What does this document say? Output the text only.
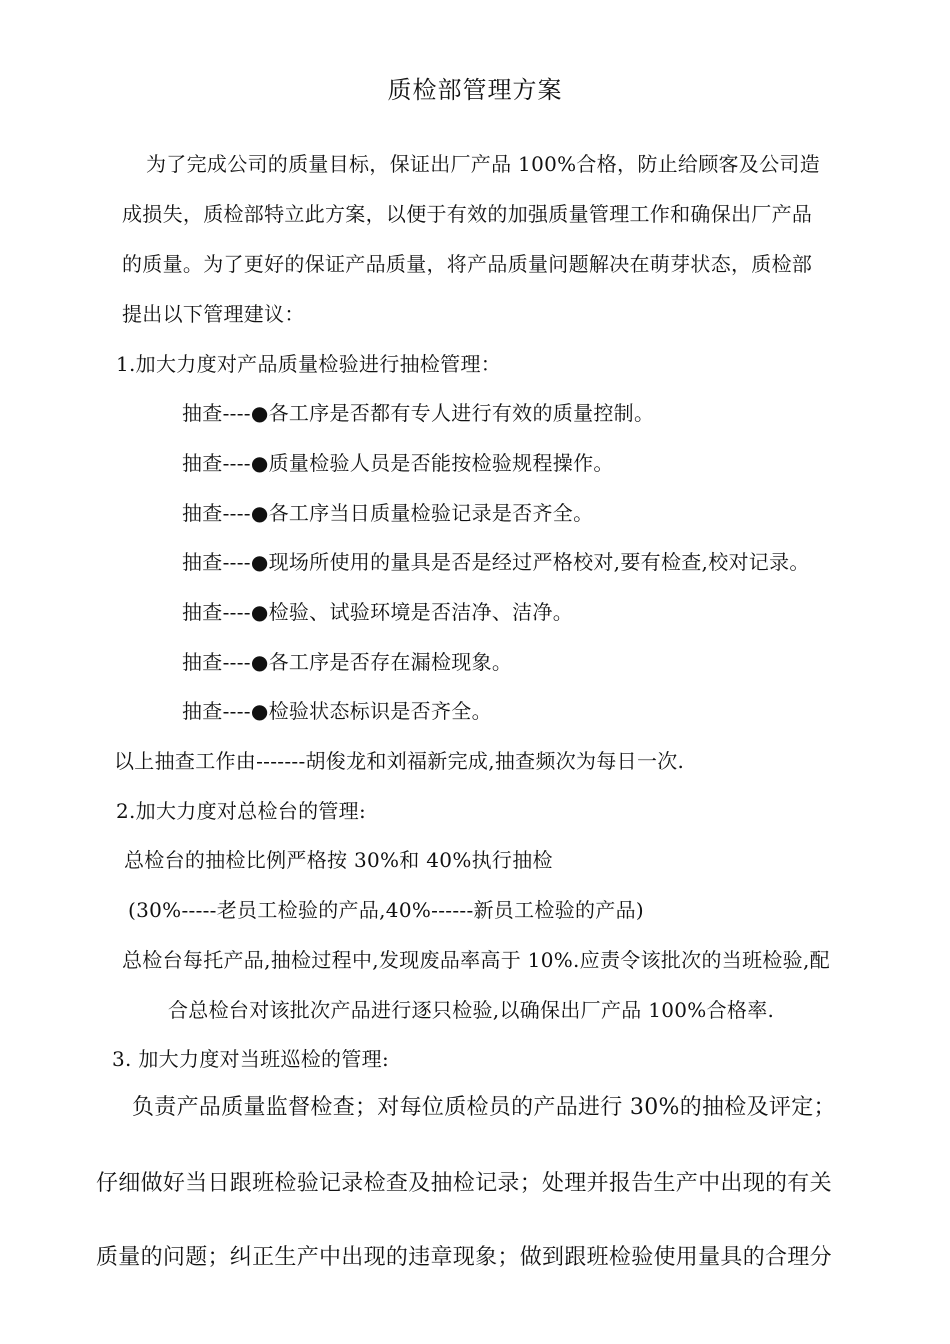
质检部管理方案
为了完成公司的质量目标，保证出厂产品 100%合格，防止给顾客及公司造
成损失，质检部特立此方案，以便于有效的加强质量管理工作和确保出厂产品
的质量。为了更好的保证产品质量，将产品质量问题解决在萌芽状态，质检部
提出以下管理建议：
1.加大力度对产品质量检验进行抽检管理：
抽查----●各工序是否都有专人进行有效的质量控制。
抽查----●质量检验人员是否能按检验规程操作。
抽查----●各工序当日质量检验记录是否齐全。
抽查----●现场所使用的量具是否是经过严格校对,要有检查,校对记录。
抽查----●检验、试验环境是否洁净、洁净。
抽查----●各工序是否存在漏检现象。
抽查----●检验状态标识是否齐全。
以上抽查工作由-------胡俊龙和刘福新完成,抽查频次为每日一次.
2.加大力度对总检台的管理:
总检台的抽检比例严格按 30%和 40%执行抽检
(30%-----老员工检验的产品,40%------新员工检验的产品)
总检台每托产品,抽检过程中,发现废品率高于 10%.应责令该批次的当班检验,配
合总检台对该批次产品进行逐只检验,以确保出厂产品 100%合格率.
3. 加大力度对当班巡检的管理:
负责产品质量监督检查；对每位质检员的产品进行 30%的抽检及评定；
仔细做好当日跟班检验记录检查及抽检记录；处理并报告生产中出现的有关
质量的问题；纠正生产中出现的违章现象；做到跟班检验使用量具的合理分
